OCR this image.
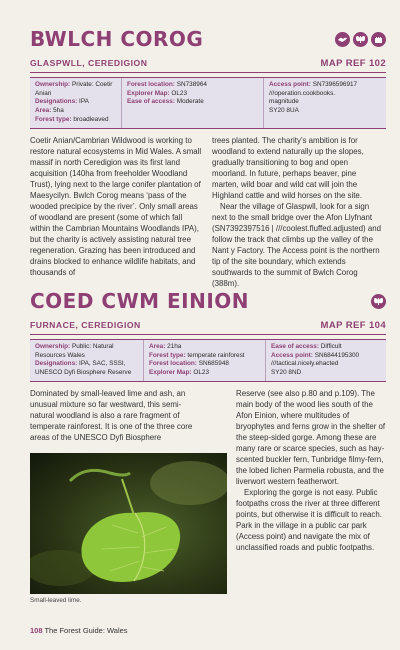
BWLCH COROG
GLASPWLL, CEREDIGION	MAP REF 102
Ownership: Private: Coetir Anian
Designations: IPA
Area: 5ha
Forest type: broadleaved
Forest location: SN738964
Explorer Map: OL23
Ease of access: Moderate
Access point: SN7396596917
///operation.cookbooks.
magnitude
SY20 8UA

Coetir Anian/Cambrian Wildwood is working to restore natural ecosystems in Mid Wales. A small massif in north Ceredigion was its first land acquisition (140ha from freeholder Woodland Trust), lying next to the large conifer plantation of Maesycilyn. Bwlch Corog means ‘pass of the wooded precipice by the river’. Only small areas of woodland are present (some of which fall within the Cambrian Mountains Woodlands IPA), but the charity is actively assisting natural tree regeneration. Grazing has been introduced and drains blocked to enhance wildlife habitats, and thousands of

trees planted. The charity’s ambition is for woodland to extend naturally up the slopes, gradually transitioning to bog and open moorland. In future, perhaps beaver, pine marten, wild boar and wild cat will join the Highland cattle and wild horses on the site.

Near the village of Glaspwll, look for a sign next to the small bridge over the Afon Llyfnant (SN7392397516 | ///coolest.fluffed.adjusted) and follow the track that climbs up the valley of the Nant y Factory. The Access point is the northern tip of the site boundary, which extends southwards to the summit of Bwlch Corog (388m).

COED CWM EINION
FURNACE, CEREDIGION	MAP REF 104
Ownership: Public: Natural Resources Wales
Designations: IPA, SAC, SSSI, UNESCO Dyfi Biosphere Reserve
Area: 21ha
Forest type: temperate rainforest
Forest location: SN685948
Explorer Map: OL23
Ease of access: Difficult
Access point: SN6844195300
///tactical.nicely.ehacted
SY20 8ND

Dominated by small-leaved lime and ash, an unusual mixture so far westward, this semi-natural woodland is also a rare fragment of temperate rainforest. It is one of the three core areas of the UNESCO Dyfi Biosphere

Small-leaved lime.

Reserve (see also p.80 and p.109). The main body of the wood lies south of the Afon Einion, where multitudes of bryophytes and ferns grow in the shelter of the steep-sided gorge. Among these are many rare or scarce species, such as hay-scented buckler fern, Tunbridge filmy-fern, the lobed lichen Parmelia robusta, and the liverwort western featherwort.

Exploring the gorge is not easy. Public footpaths cross the river at three different points, but otherwise it is difficult to reach. Park in the village in a public car park (Access point) and navigate the mix of unclassified roads and public footpaths.

108 The Forest Guide: Wales
